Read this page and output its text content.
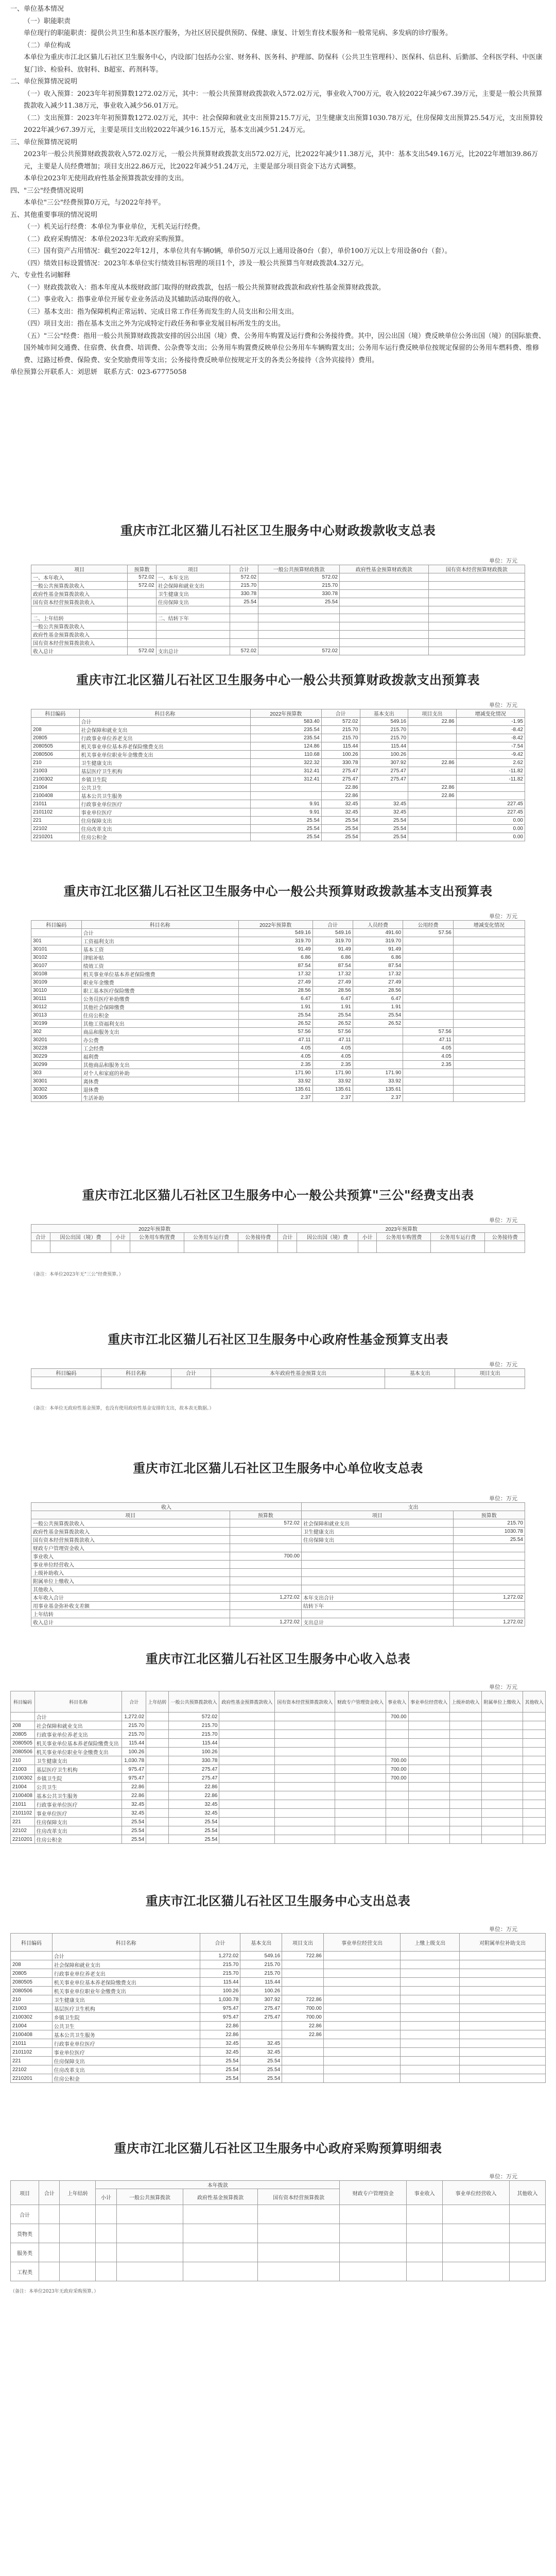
一、单位基本情况

（一）职能职责

单位现行的职能职责：提供公共卫生和基本医疗服务，为社区居民提供预防、保健、康复、计划生育技术服务和一般常见病、多发病的诊疗服务。

（二）单位构成

本单位为重庆市江北区猫儿石社区卫生服务中心，内设部门包括办公室、财务科、医务科、护理部、防保科（公共卫生管理科）、医保科、信息科、后勤部、全科医学科、中医康复门诊、检验科、放射科、B超室、药剂科等。

二、单位预算情况说明

（一）收入预算：2023年年初预算数1272.02万元，其中：一般公共预算财政拨款收入572.02万元，事业收入700万元，收入较2022年减少67.39万元，主要是一般公共预算拨款收入减少11.38万元，事业收入减少56.01万元。

（二）支出预算：2023年年初预算数1272.02万元，其中：社会保障和就业支出预算215.7万元，卫生健康支出预算1030.78万元，住房保障支出预算25.54万元，支出预算较2022年减少67.39万元，主要是项目支出较2022年减少16.15万元，基本支出减少51.24万元。

三、单位预算情况说明

2023年一般公共预算财政拨款收入572.02万元，一般公共预算财政拨款支出572.02万元，比2022年减少11.38万元，其中：基本支出549.16万元，比2022年增加39.86万元，主要是人员经费增加；项目支出22.86万元，比2022年减少51.24万元，主要是部分项目资金下达方式调整。

本单位2023年无使用政府性基金预算拨款安排的支出。

四、"三公"经费情况说明

本单位"三公"经费预算0万元，与2022年持平。

五、其他重要事项的情况说明

（一）机关运行经费：本单位为事业单位，无机关运行经费。

（二）政府采购情况：本单位2023年无政府采购预算。

（三）国有资产占用情况：截至2022年12月，本单位共有车辆0辆，单价50万元以上通用设备0台（套），单价100万元以上专用设备0台（套）。

（四）绩效目标设置情况：2023年本单位实行绩效目标管理的项目1个，涉及一般公共预算当年财政拨款4.32万元。

六、专业性名词解释

（一）财政拨款收入：指本年度从本级财政部门取得的财政拨款，包括一般公共预算财政拨款和政府性基金预算财政拨款。

（二）事业收入：指事业单位开展专业业务活动及其辅助活动取得的收入。

（三）基本支出：指为保障机构正常运转、完成日常工作任务而发生的人员支出和公用支出。

（四）项目支出：指在基本支出之外为完成特定行政任务和事业发展目标所发生的支出。

（五）"三公"经费：指用一般公共预算财政拨款安排的因公出国（境）费、公务用车购置及运行费和公务接待费。其中，因公出国（境）费反映单位公务出国（境）的国际旅费、国外城市间交通费、住宿费、伙食费、培训费、公杂费等支出；公务用车购置费反映单位公务用车车辆购置支出；公务用车运行费反映单位按规定保留的公务用车燃料费、维修费、过路过桥费、保险费、安全奖励费用等支出；公务接待费反映单位按规定开支的各类公务接待（含外宾接待）费用。

单位预算公开联系人：刘思妍　联系方式：023-67775058

重庆市江北区猫儿石社区卫生服务中心财政拨款收支总表
单位：万元
项目	预算数	项目	合计	一般公共预算财政拨款	政府性基金预算财政拨款	国有资本经营预算财政拨款
一、本年收入	572.02	一、本年支出	572.02	572.02		
一般公共预算拨款收入	572.02	社会保障和就业支出	215.70	215.70		
政府性基金预算拨款收入		卫生健康支出	330.78	330.78		
国有资本经营预算拨款收入		住房保障支出	25.54	25.54		

二、上年结转		二、结转下年				
一般公共预算拨款收入						
政府性基金预算拨款收入						
国有资本经营预算拨款收入						
收入总计	572.02	支出总计	572.02	572.02		
重庆市江北区猫儿石社区卫生服务中心一般公共预算财政拨款支出预算表
单位：万元
科目编码	科目名称	2022年预算数	合计	基本支出	项目支出	增减变化情况
	合计	583.40	572.02	549.16	22.86	-1.95
208	社会保障和就业支出	235.54	215.70	215.70		-8.42
20805	行政事业单位养老支出	235.54	215.70	215.70		-8.42
2080505	机关事业单位基本养老保险缴费支出	124.86	115.44	115.44		-7.54
2080506	机关事业单位职业年金缴费支出	110.68	100.26	100.26		-9.42
210	卫生健康支出	322.32	330.78	307.92	22.86	2.62
21003	基层医疗卫生机构	312.41	275.47	275.47		-11.82
2100302	乡镇卫生院	312.41	275.47	275.47		-11.82
21004	公共卫生		22.86		22.86	
2100408	基本公共卫生服务		22.86		22.86	
21011	行政事业单位医疗	9.91	32.45	32.45		227.45
2101102	事业单位医疗	9.91	32.45	32.45		227.45
221	住房保障支出	25.54	25.54	25.54		0.00
22102	住房改革支出	25.54	25.54	25.54		0.00
2210201	住房公积金	25.54	25.54	25.54		0.00
重庆市江北区猫儿石社区卫生服务中心一般公共预算财政拨款基本支出预算表
单位：万元
科目编码	科目名称	2022年预算数	合计	人员经费	公用经费	增减变化情况
	合计	549.16	549.16	491.60	57.56	
301	工资福利支出	319.70	319.70	319.70		
30101	基本工资	91.49	91.49	91.49		
30102	津贴补贴	6.86	6.86	6.86		
30107	绩效工资	87.54	87.54	87.54		
30108	机关事业单位基本养老保险缴费	17.32	17.32	17.32		
30109	职业年金缴费	27.49	27.49	27.49		
30110	职工基本医疗保险缴费	28.56	28.56	28.56		
30111	公务员医疗补助缴费	6.47	6.47	6.47		
30112	其他社会保障缴费	1.91	1.91	1.91		
30113	住房公积金	25.54	25.54	25.54		
30199	其他工资福利支出	26.52	26.52	26.52		
302	商品和服务支出	57.56	57.56		57.56	
30201	办公费	47.11	47.11		47.11	
30228	工会经费	4.05	4.05		4.05	
30229	福利费	4.05	4.05		4.05	
30299	其他商品和服务支出	2.35	2.35		2.35	
303	对个人和家庭的补助	171.90	171.90	171.90		
30301	离休费	33.92	33.92	33.92		
30302	退休费	135.61	135.61	135.61		
30305	生活补助	2.37	2.37	2.37		
重庆市江北区猫儿石社区卫生服务中心一般公共预算"三公"经费支出表
单位：万元
2022年预算数						2023年预算数					
合计	因公出国（境）费	小计	公务用车购置费	公务用车运行费	公务接待费	合计	因公出国（境）费	小计	公务用车购置费	公务用车运行费	公务接待费

（备注：本单位2023年无"三公"经费预算。）
重庆市江北区猫儿石社区卫生服务中心政府性基金预算支出表
单位：万元
科目编码	科目名称	合计	本年政府性基金预算支出	基本支出	项目支出

（备注：本单位无政府性基金预算，也没有使用政府性基金安排的支出，故本表无数据。）
重庆市江北区猫儿石社区卫生服务中心单位收支总表
单位：万元
收入		支出	
项目	预算数	项目	预算数
一般公共预算拨款收入	572.02	社会保障和就业支出	215.70
政府性基金预算拨款收入		卫生健康支出	1030.78
国有资本经营预算拨款收入		住房保障支出	25.54
财政专户管理资金收入			
事业收入	700.00		
事业单位经营收入			
上级补助收入			
附属单位上缴收入			
其他收入			
本年收入合计	1,272.02	本年支出合计	1,272.02
用事业基金弥补收支差额		结转下年	
上年结转			
收入总计	1,272.02	支出总计	1,272.02
重庆市江北区猫儿石社区卫生服务中心收入总表
单位：万元
科目编码	科目名称	合计	上年结转	一般公共预算拨款收入	政府性基金预算拨款收入	国有资本经营预算拨款收入	财政专户管理资金收入	事业收入	事业单位经营收入	上级补助收入	附属单位上缴收入	其他收入
	合计	1,272.02		572.02				700.00				
208	社会保障和就业支出	215.70		215.70								
20805	行政事业单位养老支出	215.70		215.70								
2080505	机关事业单位基本养老保险缴费支出	115.44		115.44								
2080506	机关事业单位职业年金缴费支出	100.26		100.26								
210	卫生健康支出	1,030.78		330.78				700.00				
21003	基层医疗卫生机构	975.47		275.47				700.00				
2100302	乡镇卫生院	975.47		275.47				700.00				
21004	公共卫生	22.86		22.86								
2100408	基本公共卫生服务	22.86		22.86								
21011	行政事业单位医疗	32.45		32.45								
2101102	事业单位医疗	32.45		32.45								
221	住房保障支出	25.54		25.54								
22102	住房改革支出	25.54		25.54								
2210201	住房公积金	25.54		25.54								
重庆市江北区猫儿石社区卫生服务中心支出总表
单位：万元
科目编码	科目名称	合计	基本支出	项目支出	事业单位经营支出	上缴上级支出	对附属单位补助支出
	合计	1,272.02	549.16	722.86			
208	社会保障和就业支出	215.70	215.70				
20805	行政事业单位养老支出	215.70	215.70				
2080505	机关事业单位基本养老保险缴费支出	115.44	115.44				
2080506	机关事业单位职业年金缴费支出	100.26	100.26				
210	卫生健康支出	1,030.78	307.92	722.86			
21003	基层医疗卫生机构	975.47	275.47	700.00			
2100302	乡镇卫生院	975.47	275.47	700.00			
21004	公共卫生	22.86		22.86			
2100408	基本公共卫生服务	22.86		22.86			
21011	行政事业单位医疗	32.45	32.45				
2101102	事业单位医疗	32.45	32.45				
221	住房保障支出	25.54	25.54				
22102	住房改革支出	25.54	25.54				
2210201	住房公积金	25.54	25.54				
重庆市江北区猫儿石社区卫生服务中心政府采购预算明细表
单位：万元
项目	合计	上年结转	本年拨款				财政专户管理资金	事业收入	事业单位经营收入	其他收入
			小计	一般公共预算拨款	政府性基金预算拨款	国有资本经营预算拨款				
合计										
货物类										
服务类										
工程类										
（备注：本单位2023年无政府采购预算。）
